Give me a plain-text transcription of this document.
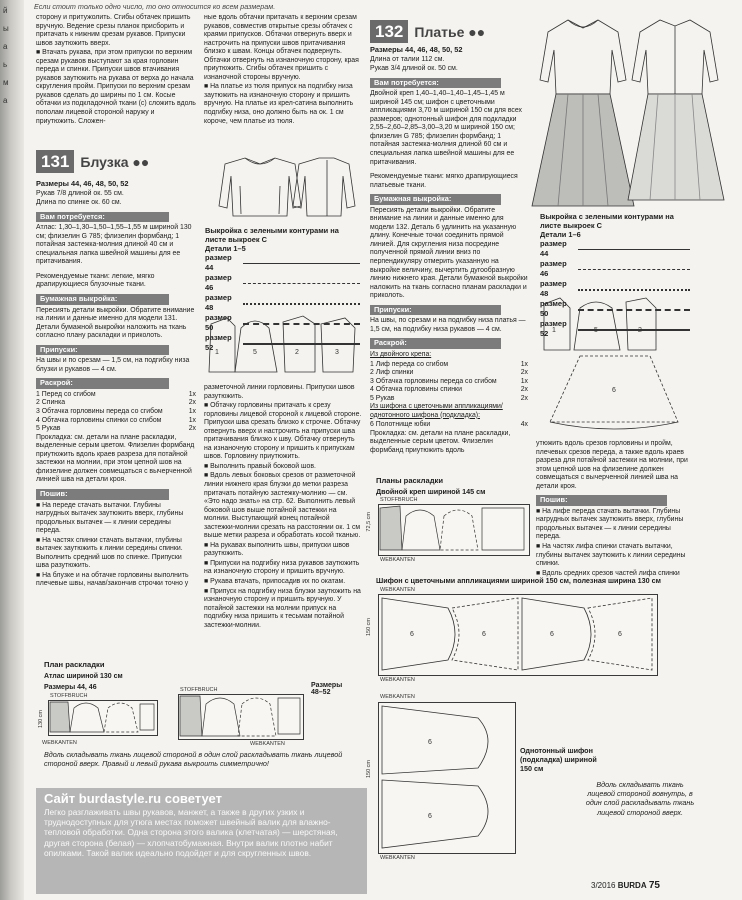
й
ы
а
ь
м
а
Если стоит только одно число, то оно относится ко всем размерам.

сторону и притужолить. Сгибы обтачек пришить вручную. Ведение срезы планок присборить и притачать к нижним срезам рукавов. Припуски швов заутюжить вверх.

■ Втачать рукава, при этом припуски по верхним срезам рукавов выступают за края горловин переда и спинки. Припуски швов втачивания рукавов заутюжить на рукава от верха до начала скругления пройм. Припуски по верхним срезам рукавов сделать до ширины по 1 см. Косые обтачки из подкладочной ткани (с) сложить вдоль пополам лицевой стороной наружу и приутюжить. Сложен-

ные вдоль обтачки притачать к верхним срезам рукавов, совместив открытые срезы обтачек с краями припусков. Обтачки отвернуть вверх и настрочить на припуски швов притачивания близко к швам. Концы обтачек подвернуть. Обтачки отвернуть на изнаночную сторону, края приутюжить. Сгибы обтачек пришить с изнаночной стороны вручную.

■ На платье из тюля припуск на подгибку низа заутюжить на изнаночную сторону и пришить вручную. На платье из крел-сатина выполнить подгибку низа, оно должно быть на ок. 1 см короче, чем платье из тюля.

131 Блузка ●●

Размеры 44, 46, 48, 50, 52

Рукав 7/8 длиной ок. 55 см.

Длина по спинке ок. 60 см.

Вам потребуется:

Атлас: 1,30–1,30–1,50–1,55–1,55 м шириной 130 см; флизелин G 785; флизелин формбанд; 1 потайная застежка-молния длиной 40 см и специальная лапка швейной машины для ее притачивания.

Рекомендуемые ткани: легкие, мягко драпирующиеся блузочные ткани.

Бумажная выкройка:

Пересиять детали выкройки. Обратите внимание на линии и данные именно для модели 131. Детали бумажной выкройки наложить на ткань согласно плану раскладки и приколоть.

Припуски:

На швы и по срезам — 1,5 см, на подгибку низа блузки и рукавов — 4 см.

Раскрой:
1 Перед со сгибом	1х
2 Спинка	2х
3 Обтачка горловины переда со сгибом	1х
4 Обтачка горловины спинки со сгибом	1х
5 Рукав	2х

Прокладка: см. детали на плане раскладки, выделенные серым цветом. Флизелин формбанд приутюжить вдоль краев разреза для потайной застежки на молнии, при этом цепной шов на флизелине должен совмещаться с вычерченной линией шва на детали кроя.

Пошив:

■ На переде стачать вытачки. Глубины нагрудных вытачек заутюжить вверх, глубины продольных вытачек — к линии середины переда.

■ На частях спинки стачать вытачки, глубины вытачек заутюжить к линии середины спинки. Выполнить средний шов по спинке. Припуски шва разутюжить.

■ На блузке и на обтачке горловины выполнить плечевые швы, начав/закончив строчки точно у

Выкройка с зелеными контурами на листе выкроек С
Детали 1–5
размер 44
размер 46
размер 48
размер 50
размер 52
1	5	2	3

разметочной линии горловины. Припуски швов разутюжить.

■ Обтачку горловины притачать к срезу горловины лицевой стороной к лицевой стороне. Припуски шва срезать близко к строчке. Обтачку отвернуть вверх и настрочить на припуски шва притачивания близко к шву. Обтачку отвернуть на изнаночную сторону и пришить к припускам швов. Горловину приутюжить.

■ Выполнить правый боковой шов.

■ Вдоль левых боковых срезов от разметочной линии нижнего края блузки до метки разреза притачать потайную застежку-молнию — см. «Это надо знать» на стр. 62. Выполнить левый боковой шов выше потайной застежки на молнии. Выступающий конец потайной застежки-молнии срезать на расстоянии ок. 1 см выше метки разреза и обработать косой тканью.

■ На рукавах выполнить швы, припуски швов разутюжить.

■ Припуски на подгибку низа рукавов заутюжить на изнаночную сторону и пришить вручную.

■ Рукава втачать, припосадив их по окатам.

■ Припуск на подгибку низа блузки заутюжить на изнаночную сторону и пришить вручную. У потайной застежки на молнии припуск на подгибку низа пришить к тесьмам потайной застежки-молнии.

План раскладки
Атлас шириной 130 см
Размеры 44, 46	Размеры 48–52
STOFFBRUCH
WEBKANTEN
130 cm
STOFFBRUCH
WEBKANTEN
Вдоль складывать ткань лицевой стороной в один слой раскладывать ткань лицевой стороной вверх. Правый и левый рукава выкроить симметрично!
Сайт burdastyle.ru советует
Легко разглаживать швы рукавов, манжет, а также в других узких и труднодоступных для утюга местах поможет швейный валик для влажно-тепловой обработки. Одна сторона этого валика (клетчатая) — шерстяная, другая сторона (белая) — хлопчатобумажная. Внутри валик плотно набит опилками. Такой валик идеально подойдет и для скругленных швов.
132 Платье ●●

Размеры 44, 46, 48, 50, 52

Длина от талии 112 см.

Рукав 3/4 длиной ок. 50 см.

Вам потребуется:

Двойной креп 1,40–1,40–1,40–1,45–1,45 м шириной 145 см; шифон с цветочными аппликациями 3,70 м шириной 150 см для всех размеров; однотонный шифон для подкладки 2,55–2,60–2,85–3,00–3,20 м шириной 150 см; флизелин G 785; флизелин формбанд; 1 потайная застежка-молния длиной 60 см и специальная лапка швейной машины для ее притачивания.

Рекомендуемые ткани: мягко драпирующиеся платьевые ткани.

Бумажная выкройка:

Пересиять детали выкройки. Обратите внимание на линии и данные именно для модели 132. Деталь 6 удлинить на указанную длину. Конечные точки соединить прямой линией. Для скругления низа посредине полученной прямой линии вниз по перпендикуляру отмерить указанную на выкройке величину, вычертить дугообразную линию нижнего края. Детали бумажной выкройки наложить на ткань согласно планам раскладки и приколоть.

Припуски:

На швы, по срезам и на подгибку низа платья — 1,5 см, на подгибку низа рукавов — 4 см.

Раскрой:

Из двойного крепа:

1 Лиф переда со сгибом	1х
2 Лиф спинки	2х
3 Обтачка горловины переда со сгибом	1х
4 Обтачка горловины спинки	2х
5 Рукав	2х

Из шифона с цветочными аппликациями/однотонного шифона (подкладка):

6 Полотнище юбки	4х

Прокладка: см. детали на плане раскладки, выделенные серым цветом. Флизелин формбанд приутюжить вдоль

Выкройка с зелеными контурами на листе выкроек С
Детали 1–6
размер 44
размер 46
размер 48
размер 50
размер 52 1	5	2
6

утюжить вдоль срезов горловины и пройм, плечевых срезов переда, а также вдоль краев разреза для потайной застежки на молнии, при этом цепной шов на флизелине должен совмещаться с вычерченной линией шва на детали кроя.

Пошив:

■ На лифе переда стачать вытачки. Глубины нагрудных вытачек заутюжить вверх, глубины продольных вытачек — к линии середины переда.

■ На частях лифа спинки стачать вытачки, глубины вытачек заутюжить к линии середины спинки.

■ Вдоль средних срезов частей лифа спинки

Планы раскладки
Двойной креп шириной 145 см
STOFFBRUCH
WEBKANTEN
72,5 cm
Шифон с цветочными аппликациями шириной 150 см, полезная ширина 130 см
WEBKANTEN
WEBKANTEN
150 cm	6	6	6	6
WEBKANTEN
WEBKANTEN
150 cm
6
6
Однотонный шифон (подкладка) шириной 150 см
Вдоль складывать ткань лицевой стороной вовнутрь, в один слой раскладывать ткань лицевой стороной вверх.
3/2016 BURDA 75
